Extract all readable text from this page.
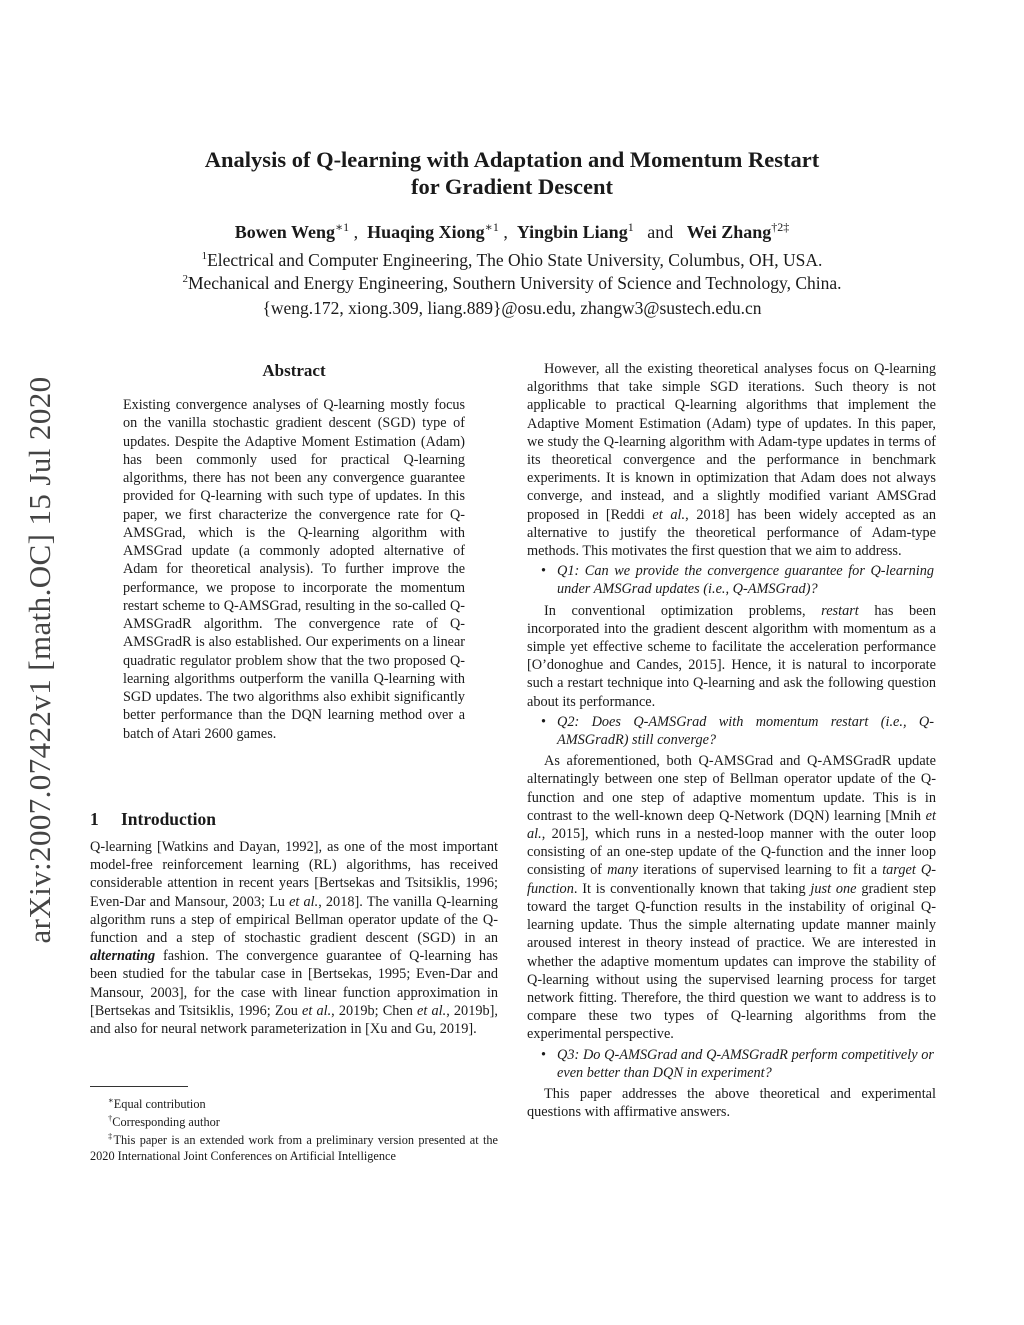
arXiv:2007.07422v1 [math.OC] 15 Jul 2020
Analysis of Q-learning with Adaptation and Momentum Restart
for Gradient Descent
Bowen Weng$^{∗1}$ ,  Huaqing Xiong$^{∗1}$ ,  Yingbin Liang$^1$ and Wei Zhang$^{\dagger 2\ddagger}$
$^1$Electrical and Computer Engineering, The Ohio State University, Columbus, OH, USA.
$^2$Mechanical and Energy Engineering, Southern University of Science and Technology, China.
{weng.172, xiong.309, liang.889}@osu.edu, zhangw3@sustech.edu.cn
Abstract

Existing convergence analyses of Q-learning mostly focus on the vanilla stochastic gradient descent (SGD) type of updates. Despite the Adaptive Moment Estimation (Adam) has been commonly used for practical Q-learning algorithms, there has not been any convergence guarantee provided for Q-learning with such type of updates. In this paper, we first characterize the convergence rate for Q-AMSGrad, which is the Q-learning algorithm with AMSGrad update (a commonly adopted alternative of Adam for theoretical analysis). To further improve the performance, we propose to incorporate the momentum restart scheme to Q-AMSGrad, resulting in the so-called Q-AMSGradR algorithm. The convergence rate of Q-AMSGradR is also established. Our experiments on a linear quadratic regulator problem show that the two proposed Q-learning algorithms outperform the vanilla Q-learning with SGD updates. The two algorithms also exhibit significantly better performance than the DQN learning method over a batch of Atari 2600 games.

1 Introduction

Q-learning [Watkins and Dayan, 1992], as one of the most important model-free reinforcement learning (RL) algorithms, has received considerable attention in recent years [Bertsekas and Tsitsiklis, 1996; Even-Dar and Mansour, 2003; Lu et al., 2018]. The vanilla Q-learning algorithm runs a step of empirical Bellman operator update of the Q-function and a step of stochastic gradient descent (SGD) in an alternating fashion. The convergence guarantee of Q-learning has been studied for the tabular case in [Bertsekas, 1995; Even-Dar and Mansour, 2003], for the case with linear function approximation in [Bertsekas and Tsitsiklis, 1996; Zou et al., 2019b; Chen et al., 2019b], and also for neural network parameterization in [Xu and Gu, 2019].

∗Equal contribution
†Corresponding author
‡This paper is an extended work from a preliminary version presented at the 2020 International Joint Conferences on Artificial Intelligence

However, all the existing theoretical analyses focus on Q-learning algorithms that take simple SGD iterations. Such theory is not applicable to practical Q-learning algorithms that implement the Adaptive Moment Estimation (Adam) type of updates. In this paper, we study the Q-learning algorithm with Adam-type updates in terms of its theoretical convergence and the performance in benchmark experiments. It is known in optimization that Adam does not always converge, and instead, and a slightly modified variant AMSGrad proposed in [Reddi et al., 2018] has been widely accepted as an alternative to justify the theoretical performance of Adam-type methods. This motivates the first question that we aim to address.

• Q1: Can we provide the convergence guarantee for Q-learning under AMSGrad updates (i.e., Q-AMSGrad)?

In conventional optimization problems, restart has been incorporated into the gradient descent algorithm with momentum as a simple yet effective scheme to facilitate the acceleration performance [O’donoghue and Candes, 2015]. Hence, it is natural to incorporate such a restart technique into Q-learning and ask the following question about its performance.

• Q2: Does Q-AMSGrad with momentum restart (i.e., Q-AMSGradR) still converge?

As aforementioned, both Q-AMSGrad and Q-AMSGradR update alternatingly between one step of Bellman operator update of the Q-function and one step of adaptive momentum update. This is in contrast to the well-known deep Q-Network (DQN) learning [Mnih et al., 2015], which runs in a nested-loop manner with the outer loop consisting of an one-step update of the Q-function and the inner loop consisting of many iterations of supervised learning to fit a target Q-function. It is conventionally known that taking just one gradient step toward the target Q-function results in the instability of original Q-learning update. Thus the simple alternating update manner mainly aroused interest in theory instead of practice. We are interested in whether the adaptive momentum updates can improve the stability of Q-learning without using the supervised learning process for target network fitting. Therefore, the third question we want to address is to compare these two types of Q-learning algorithms from the experimental perspective.

• Q3: Do Q-AMSGrad and Q-AMSGradR perform competitively or even better than DQN in experiment?

This paper addresses the above theoretical and experimental questions with affirmative answers.
